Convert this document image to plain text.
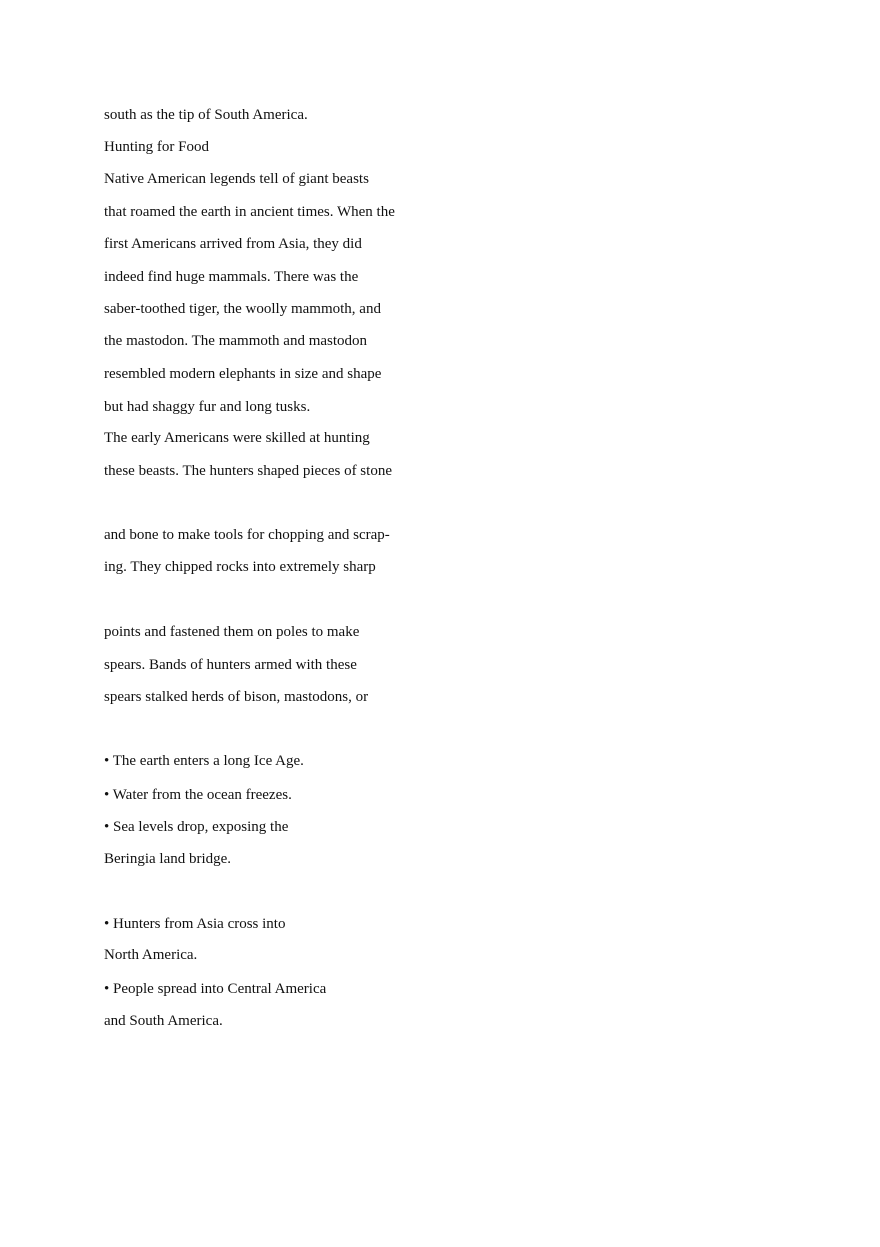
south as the tip of South America.

Hunting for Food

Native American legends tell of giant beasts

that roamed the earth in ancient times. When the

first Americans arrived from Asia, they did

indeed find huge mammals. There was the

saber-toothed tiger, the woolly mammoth, and

the mastodon. The mammoth and mastodon

resembled modern elephants in size and shape

but had shaggy fur and long tusks.

The early Americans were skilled at hunting

these beasts. The hunters shaped pieces of stone

and bone to make tools for chopping and scrap-

ing. They chipped rocks into extremely sharp

points and fastened them on poles to make

spears. Bands of hunters armed with these

spears stalked herds of bison, mastodons, or

• The earth enters a long Ice Age.

• Water from the ocean freezes.

• Sea levels drop, exposing the

Beringia land bridge.

• Hunters from Asia cross into

North America.

• People spread into Central America

and South America.
